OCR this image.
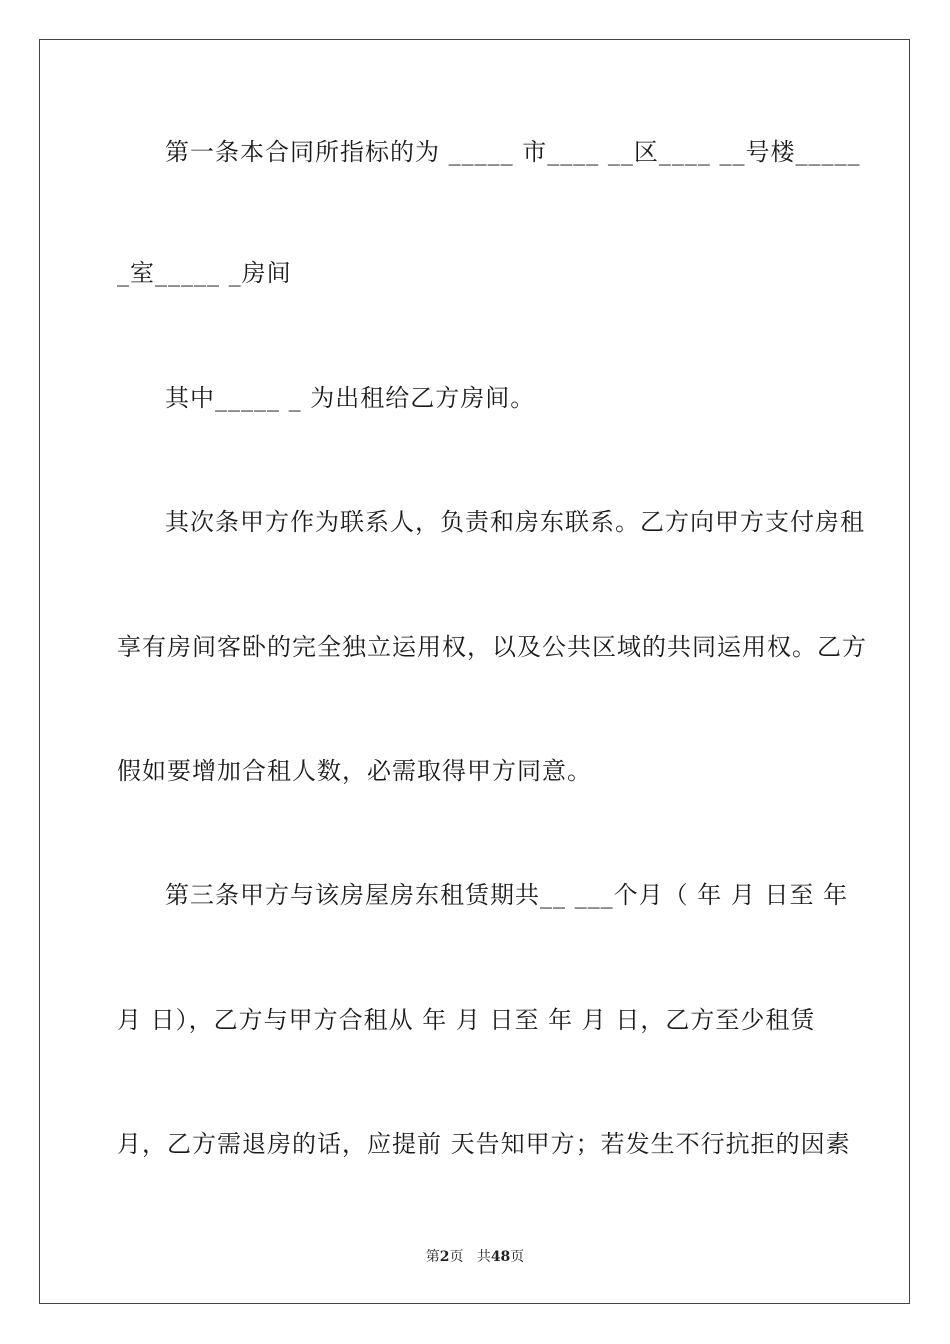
第一条本合同所指标的为 _____ 市____ __区____ __号楼_____
_室_____ _房间
其中_____ _ 为出租给乙方房间。
其次条甲方作为联系人，负责和房东联系。乙方向甲方支付房租
享有房间客卧的完全独立运用权，以及公共区域的共同运用权。乙方
假如要增加合租人数，必需取得甲方同意。
第三条甲方与该房屋房东租赁期共__ ___个月（ 年 月 日至 年
月 日），乙方与甲方合租从 年 月 日至 年 月 日，乙方至少租赁
月，乙方需退房的话，应提前 天告知甲方；若发生不行抗拒的因素
第2页 共48页
